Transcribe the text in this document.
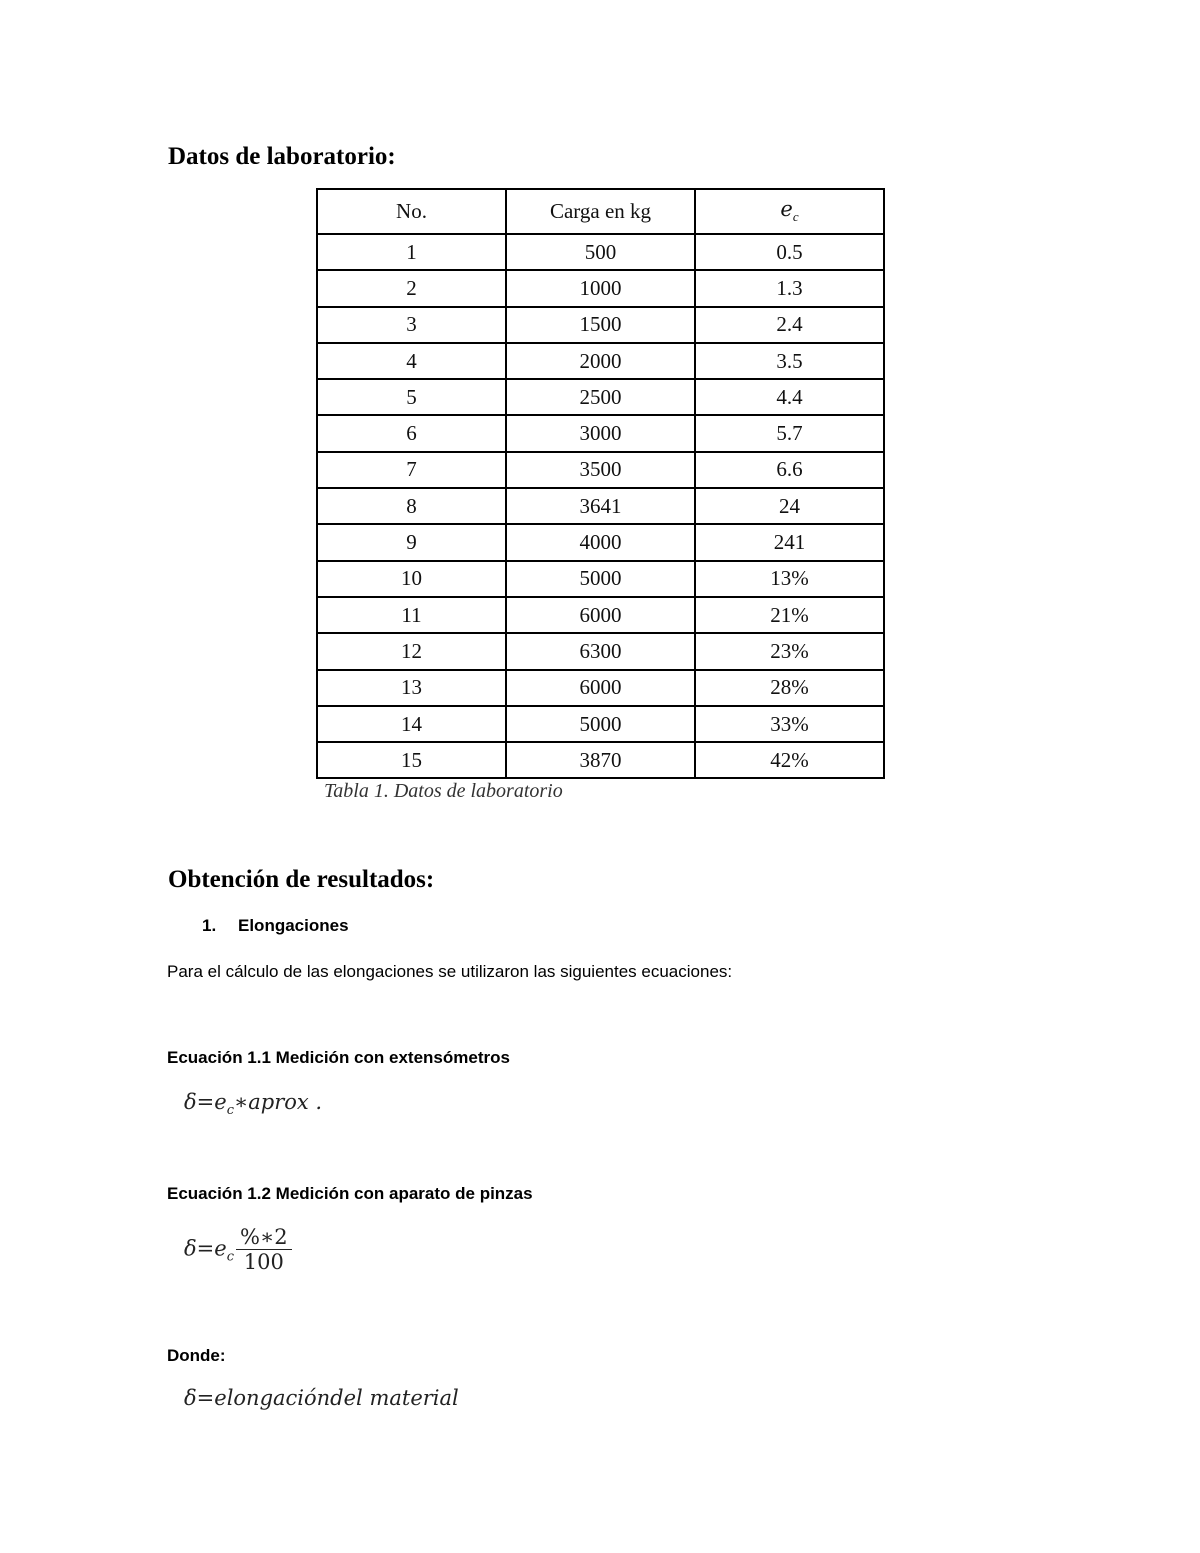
Datos de laboratorio:
No.	Carga en kg	$e_c$
1	500	0.5
2	1000	1.3
3	1500	2.4
4	2000	3.5
5	2500	4.4
6	3000	5.7
7	3500	6.6
8	3641	24
9	4000	241
10	5000	13%
11	6000	21%
12	6300	23%
13	6000	28%
14	5000	33%
15	3870	42%
Tabla 1. Datos de laboratorio
Obtención de resultados:
1. Elongaciones

Para el cálculo de las elongaciones se utilizaron las siguientes ecuaciones:

Ecuación 1.1 Medición con extensómetros

$\delta=e_c∗aprox$ .

Ecuación 1.2 Medición con aparato de pinzas

$\delta=e_c \frac{\%∗2}{100}$

Donde:

δ=elongacióndel material
